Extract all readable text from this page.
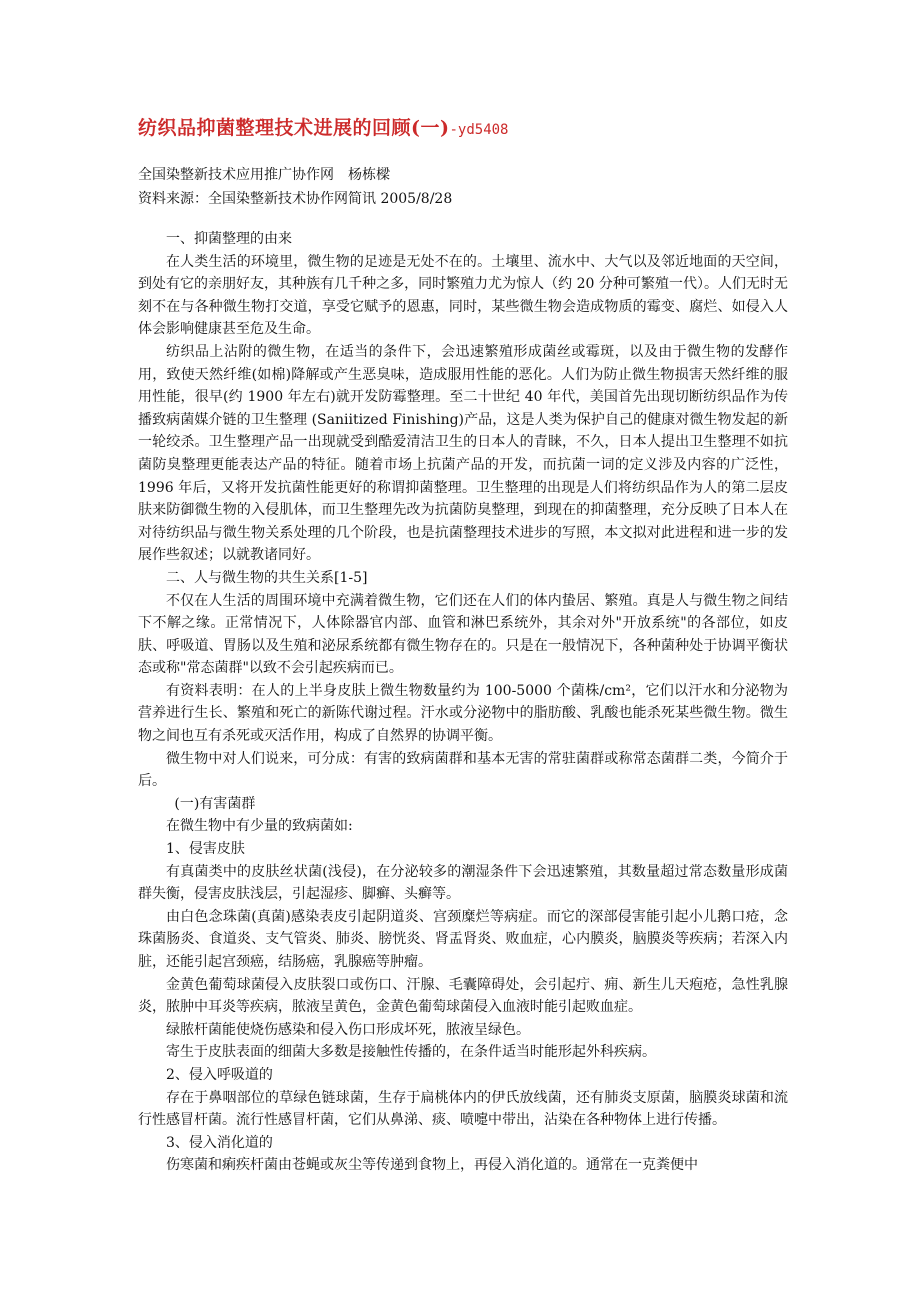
纺织品抑菌整理技术进展的回顾(一)-yd5408
全国染整新技术应用推广协作网　杨栋樑
资料来源：全国染整新技术协作网简讯 2005/8/28

一、抑菌整理的由来

在人类生活的环境里，微生物的足迹是无处不在的。土壤里、流水中、大气以及邻近地面的天空间，到处有它的亲朋好友，其种族有几千种之多，同时繁殖力尤为惊人（约 20 分种可繁殖一代）。人们无时无刻不在与各种微生物打交道，享受它赋予的恩惠，同时，某些微生物会造成物质的霉变、腐烂、如侵入人体会影响健康甚至危及生命。

纺织品上沾附的微生物，在适当的条件下，会迅速繁殖形成菌丝或霉斑，以及由于微生物的发酵作用，致使天然纤维(如棉)降解或产生恶臭味，造成服用性能的恶化。人们为防止微生物损害天然纤维的服用性能，很早(约 1900 年左右)就开发防霉整理。至二十世纪 40 年代，美国首先出现切断纺织品作为传播致病菌媒介链的卫生整理 (Saniitized Finishing)产品，这是人类为保护自己的健康对微生物发起的新一轮绞杀。卫生整理产品一出现就受到酷爱清洁卫生的日本人的青睐，不久，日本人提出卫生整理不如抗菌防臭整理更能表达产品的特征。随着市场上抗菌产品的开发，而抗菌一词的定义涉及内容的广泛性，1996 年后，又将开发抗菌性能更好的称谓抑菌整理。卫生整理的出现是人们将纺织品作为人的第二层皮肤来防御微生物的入侵肌体，而卫生整理先改为抗菌防臭整理，到现在的抑菌整理，充分反映了日本人在对待纺织品与微生物关系处理的几个阶段，也是抗菌整理技术进步的写照，本文拟对此进程和进一步的发展作些叙述；以就教诸同好。

二、人与微生物的共生关系[1-5]

不仅在人生活的周围环境中充满着微生物，它们还在人们的体内蛰居、繁殖。真是人与微生物之间结下不解之缘。正常情况下，人体除器官内部、血管和淋巴系统外，其余对外"开放系统"的各部位，如皮肤、呼吸道、胃肠以及生殖和泌尿系统都有微生物存在的。只是在一般情况下，各种菌种处于协调平衡状态或称"常态菌群"以致不会引起疾病而已。

有资料表明：在人的上半身皮肤上微生物数量约为 100-5000 个菌株/cm²，它们以汗水和分泌物为营养进行生长、繁殖和死亡的新陈代谢过程。汗水或分泌物中的脂肪酸、乳酸也能杀死某些微生物。微生物之间也互有杀死或灭活作用，构成了自然界的协调平衡。

微生物中对人们说来，可分成：有害的致病菌群和基本无害的常驻菌群或称常态菌群二类，今简介于后。

(一)有害菌群

在微生物中有少量的致病菌如:

1、侵害皮肤

有真菌类中的皮肤丝状菌(浅侵)，在分泌较多的潮湿条件下会迅速繁殖，其数量超过常态数量形成菌群失衡，侵害皮肤浅层，引起湿疹、脚癣、头癣等。

由白色念珠菌(真菌)感染表皮引起阴道炎、宫颈糜烂等病症。而它的深部侵害能引起小儿鹅口疮，念珠菌肠炎、食道炎、支气管炎、肺炎、膀恍炎、肾盂肾炎、败血症，心内膜炎，脑膜炎等疾病；若深入内脏，还能引起宫颈癌，结肠癌，乳腺癌等肿瘤。

金黄色葡萄球菌侵入皮肤裂口或伤口、汗腺、毛囊障碍处，会引起疔、痈、新生儿天疱疮，急性乳腺炎，脓肿中耳炎等疾病，脓液呈黄色，金黄色葡萄球菌侵入血液时能引起败血症。

绿脓杆菌能使烧伤感染和侵入伤口形成坏死，脓液呈绿色。

寄生于皮肤表面的细菌大多数是接触性传播的，在条件适当时能形起外科疾病。

2、侵入呼吸道的

存在于鼻咽部位的草绿色链球菌，生存于扁桃体内的伊氏放线菌，还有肺炎支原菌，脑膜炎球菌和流行性感冒杆菌。流行性感冒杆菌，它们从鼻涕、痰、喷嚏中带出，沾染在各种物体上进行传播。

3、侵入消化道的

伤寒菌和痢疾杆菌由苍蝇或灰尘等传递到食物上，再侵入消化道的。通常在一克粪便中
